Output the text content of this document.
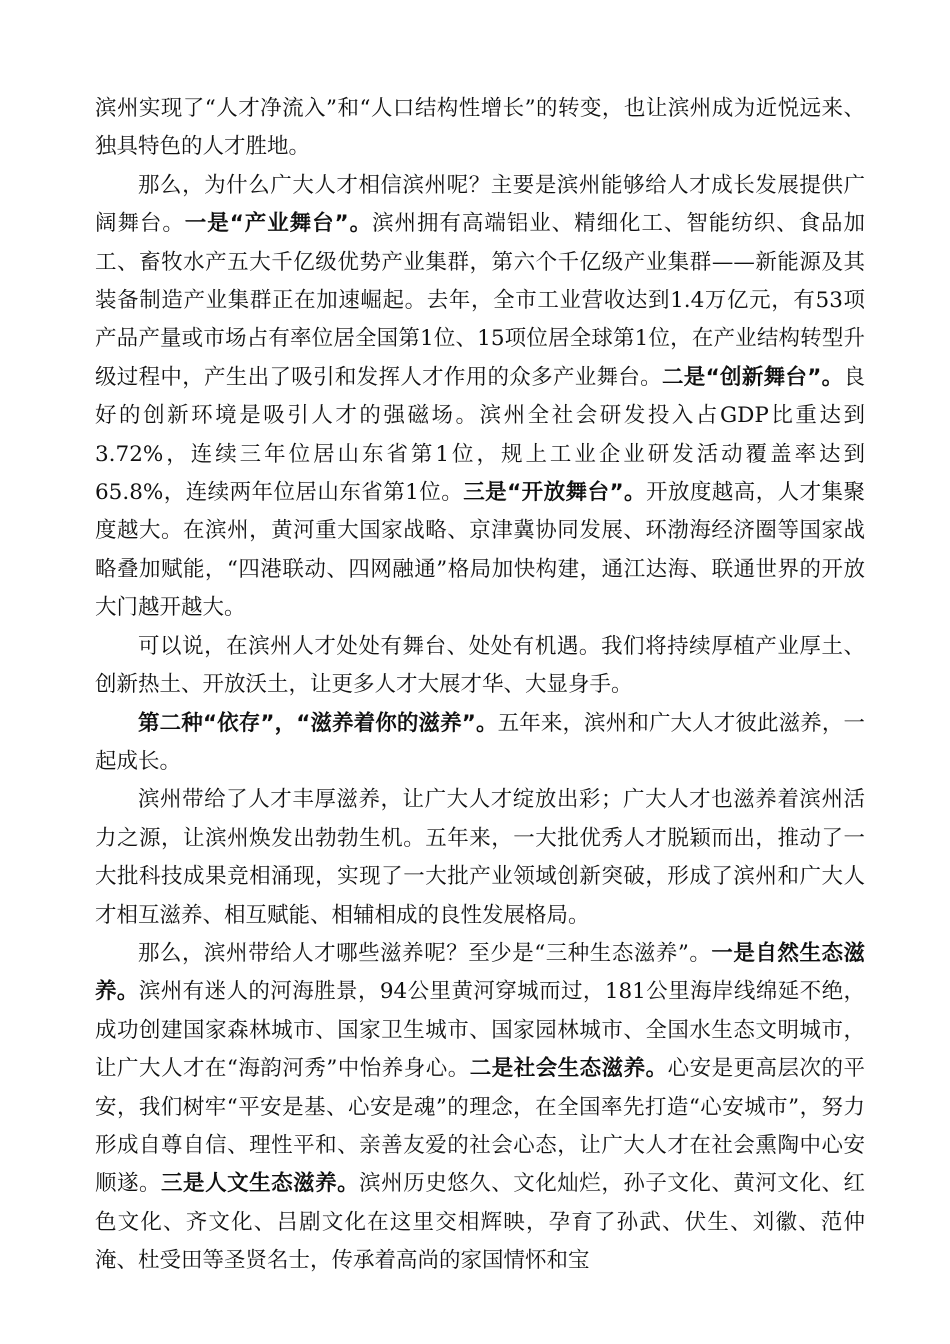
滨州实现了“人才净流入”和“人口结构性增长”的转变，也让滨州成为近悦远来、独具特色的人才胜地。

那么，为什么广大人才相信滨州呢？主要是滨州能够给人才成长发展提供广阔舞台。一是“产业舞台”。滨州拥有高端铝业、精细化工、智能纺织、食品加工、畜牧水产五大千亿级优势产业集群，第六个千亿级产业集群——新能源及其装备制造产业集群正在加速崛起。去年，全市工业营收达到1.4万亿元，有53项产品产量或市场占有率位居全国第1位、15项位居全球第1位，在产业结构转型升级过程中，产生出了吸引和发挥人才作用的众多产业舞台。二是“创新舞台”。良好的创新环境是吸引人才的强磁场。滨州全社会研发投入占GDP比重达到3.72%，连续三年位居山东省第1位，规上工业企业研发活动覆盖率达到65.8%，连续两年位居山东省第1位。三是“开放舞台”。开放度越高，人才集聚度越大。在滨州，黄河重大国家战略、京津冀协同发展、环渤海经济圈等国家战略叠加赋能，“四港联动、四网融通”格局加快构建，通江达海、联通世界的开放大门越开越大。

可以说，在滨州人才处处有舞台、处处有机遇。我们将持续厚植产业厚土、创新热土、开放沃土，让更多人才大展才华、大显身手。

第二种“依存”，“滋养着你的滋养”。五年来，滨州和广大人才彼此滋养，一起成长。

滨州带给了人才丰厚滋养，让广大人才绽放出彩；广大人才也滋养着滨州活力之源，让滨州焕发出勃勃生机。五年来，一大批优秀人才脱颖而出，推动了一大批科技成果竞相涌现，实现了一大批产业领域创新突破，形成了滨州和广大人才相互滋养、相互赋能、相辅相成的良性发展格局。

那么，滨州带给人才哪些滋养呢？至少是“三种生态滋养”。一是自然生态滋养。滨州有迷人的河海胜景，94公里黄河穿城而过，181公里海岸线绵延不绝，成功创建国家森林城市、国家卫生城市、国家园林城市、全国水生态文明城市，让广大人才在“海韵河秀”中怡养身心。二是社会生态滋养。心安是更高层次的平安，我们树牢“平安是基、心安是魂”的理念，在全国率先打造“心安城市”，努力形成自尊自信、理性平和、亲善友爱的社会心态，让广大人才在社会熏陶中心安顺遂。三是人文生态滋养。滨州历史悠久、文化灿烂，孙子文化、黄河文化、红色文化、齐文化、吕剧文化在这里交相辉映，孕育了孙武、伏生、刘徽、范仲淹、杜受田等圣贤名士，传承着高尚的家国情怀和宝
